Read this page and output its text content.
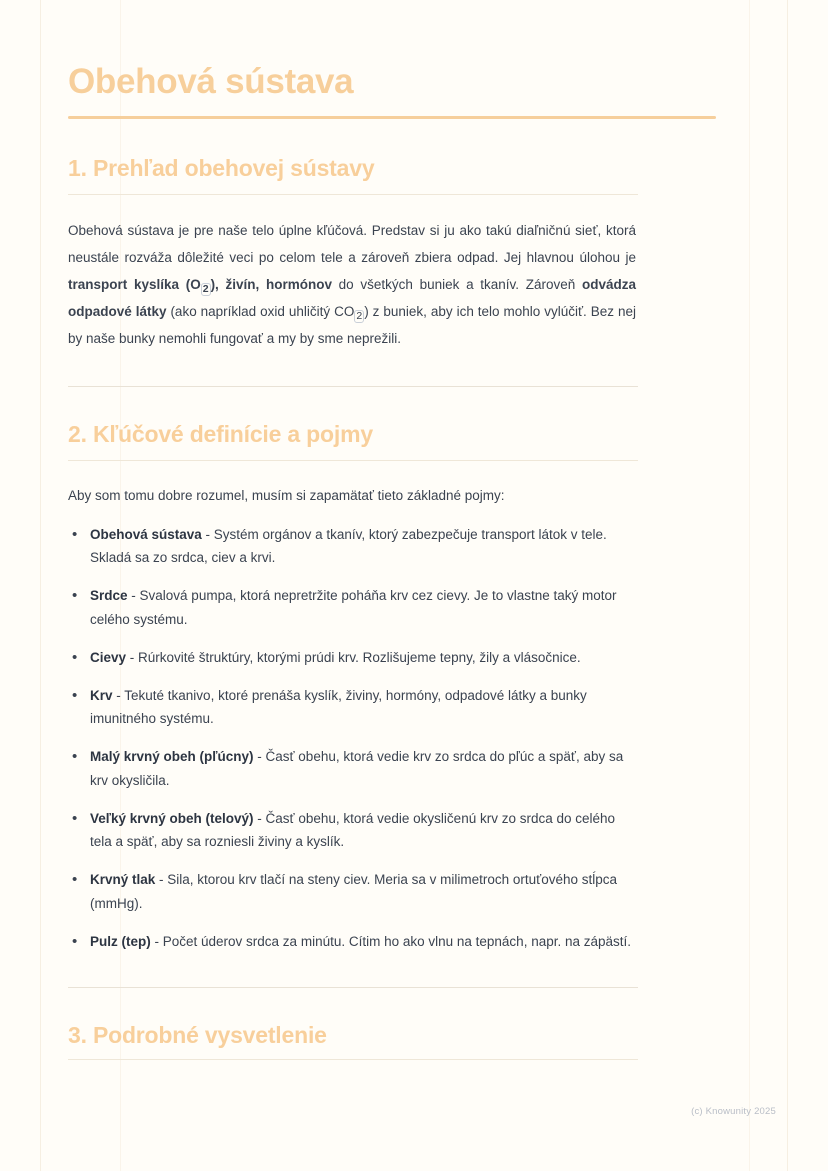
Obehová sústava
1. Prehľad obehovej sústavy

Obehová sústava je pre naše telo úplne kľúčová. Predstav si ju ako takú diaľničnú sieť, ktorá neustále rozváža dôležité veci po celom tele a zároveň zbiera odpad. Jej hlavnou úlohou je transport kyslíka (O 2 ), živín, hormónov do všetkých buniek a tkanív. Zároveň odvádza odpadové látky (ako napríklad oxid uhličitý CO 2 ) z buniek, aby ich telo mohlo vylúčiť. Bez nej by naše bunky nemohli fungovať a my by sme neprežili.

2. Kľúčové definície a pojmy

Aby som tomu dobre rozumel, musím si zapamätať tieto základné pojmy:

• Obehová sústava - Systém orgánov a tkanív, ktorý zabezpečuje transport látok v tele. Skladá sa zo srdca, ciev a krvi.
• Srdce - Svalová pumpa, ktorá nepretržite poháňa krv cez cievy. Je to vlastne taký motor celého systému.
• Cievy - Rúrkovité štruktúry, ktorými prúdi krv. Rozlišujeme tepny, žily a vlásočnice.
• Krv - Tekuté tkanivo, ktoré prenáša kyslík, živiny, hormóny, odpadové látky a bunky imunitného systému.
• Malý krvný obeh (pľúcny) - Časť obehu, ktorá vedie krv zo srdca do pľúc a späť, aby sa krv okysličila.
• Veľký krvný obeh (telový) - Časť obehu, ktorá vedie okysličenú krv zo srdca do celého tela a späť, aby sa rozniesli živiny a kyslík.
• Krvný tlak - Sila, ktorou krv tlačí na steny ciev. Meria sa v milimetroch ortuťového stĺpca (mmHg).
• Pulz (tep) - Počet úderov srdca za minútu. Cítim ho ako vlnu na tepnách, napr. na zápästí.
3. Podrobné vysvetlenie
(c) Knowunity 2025
